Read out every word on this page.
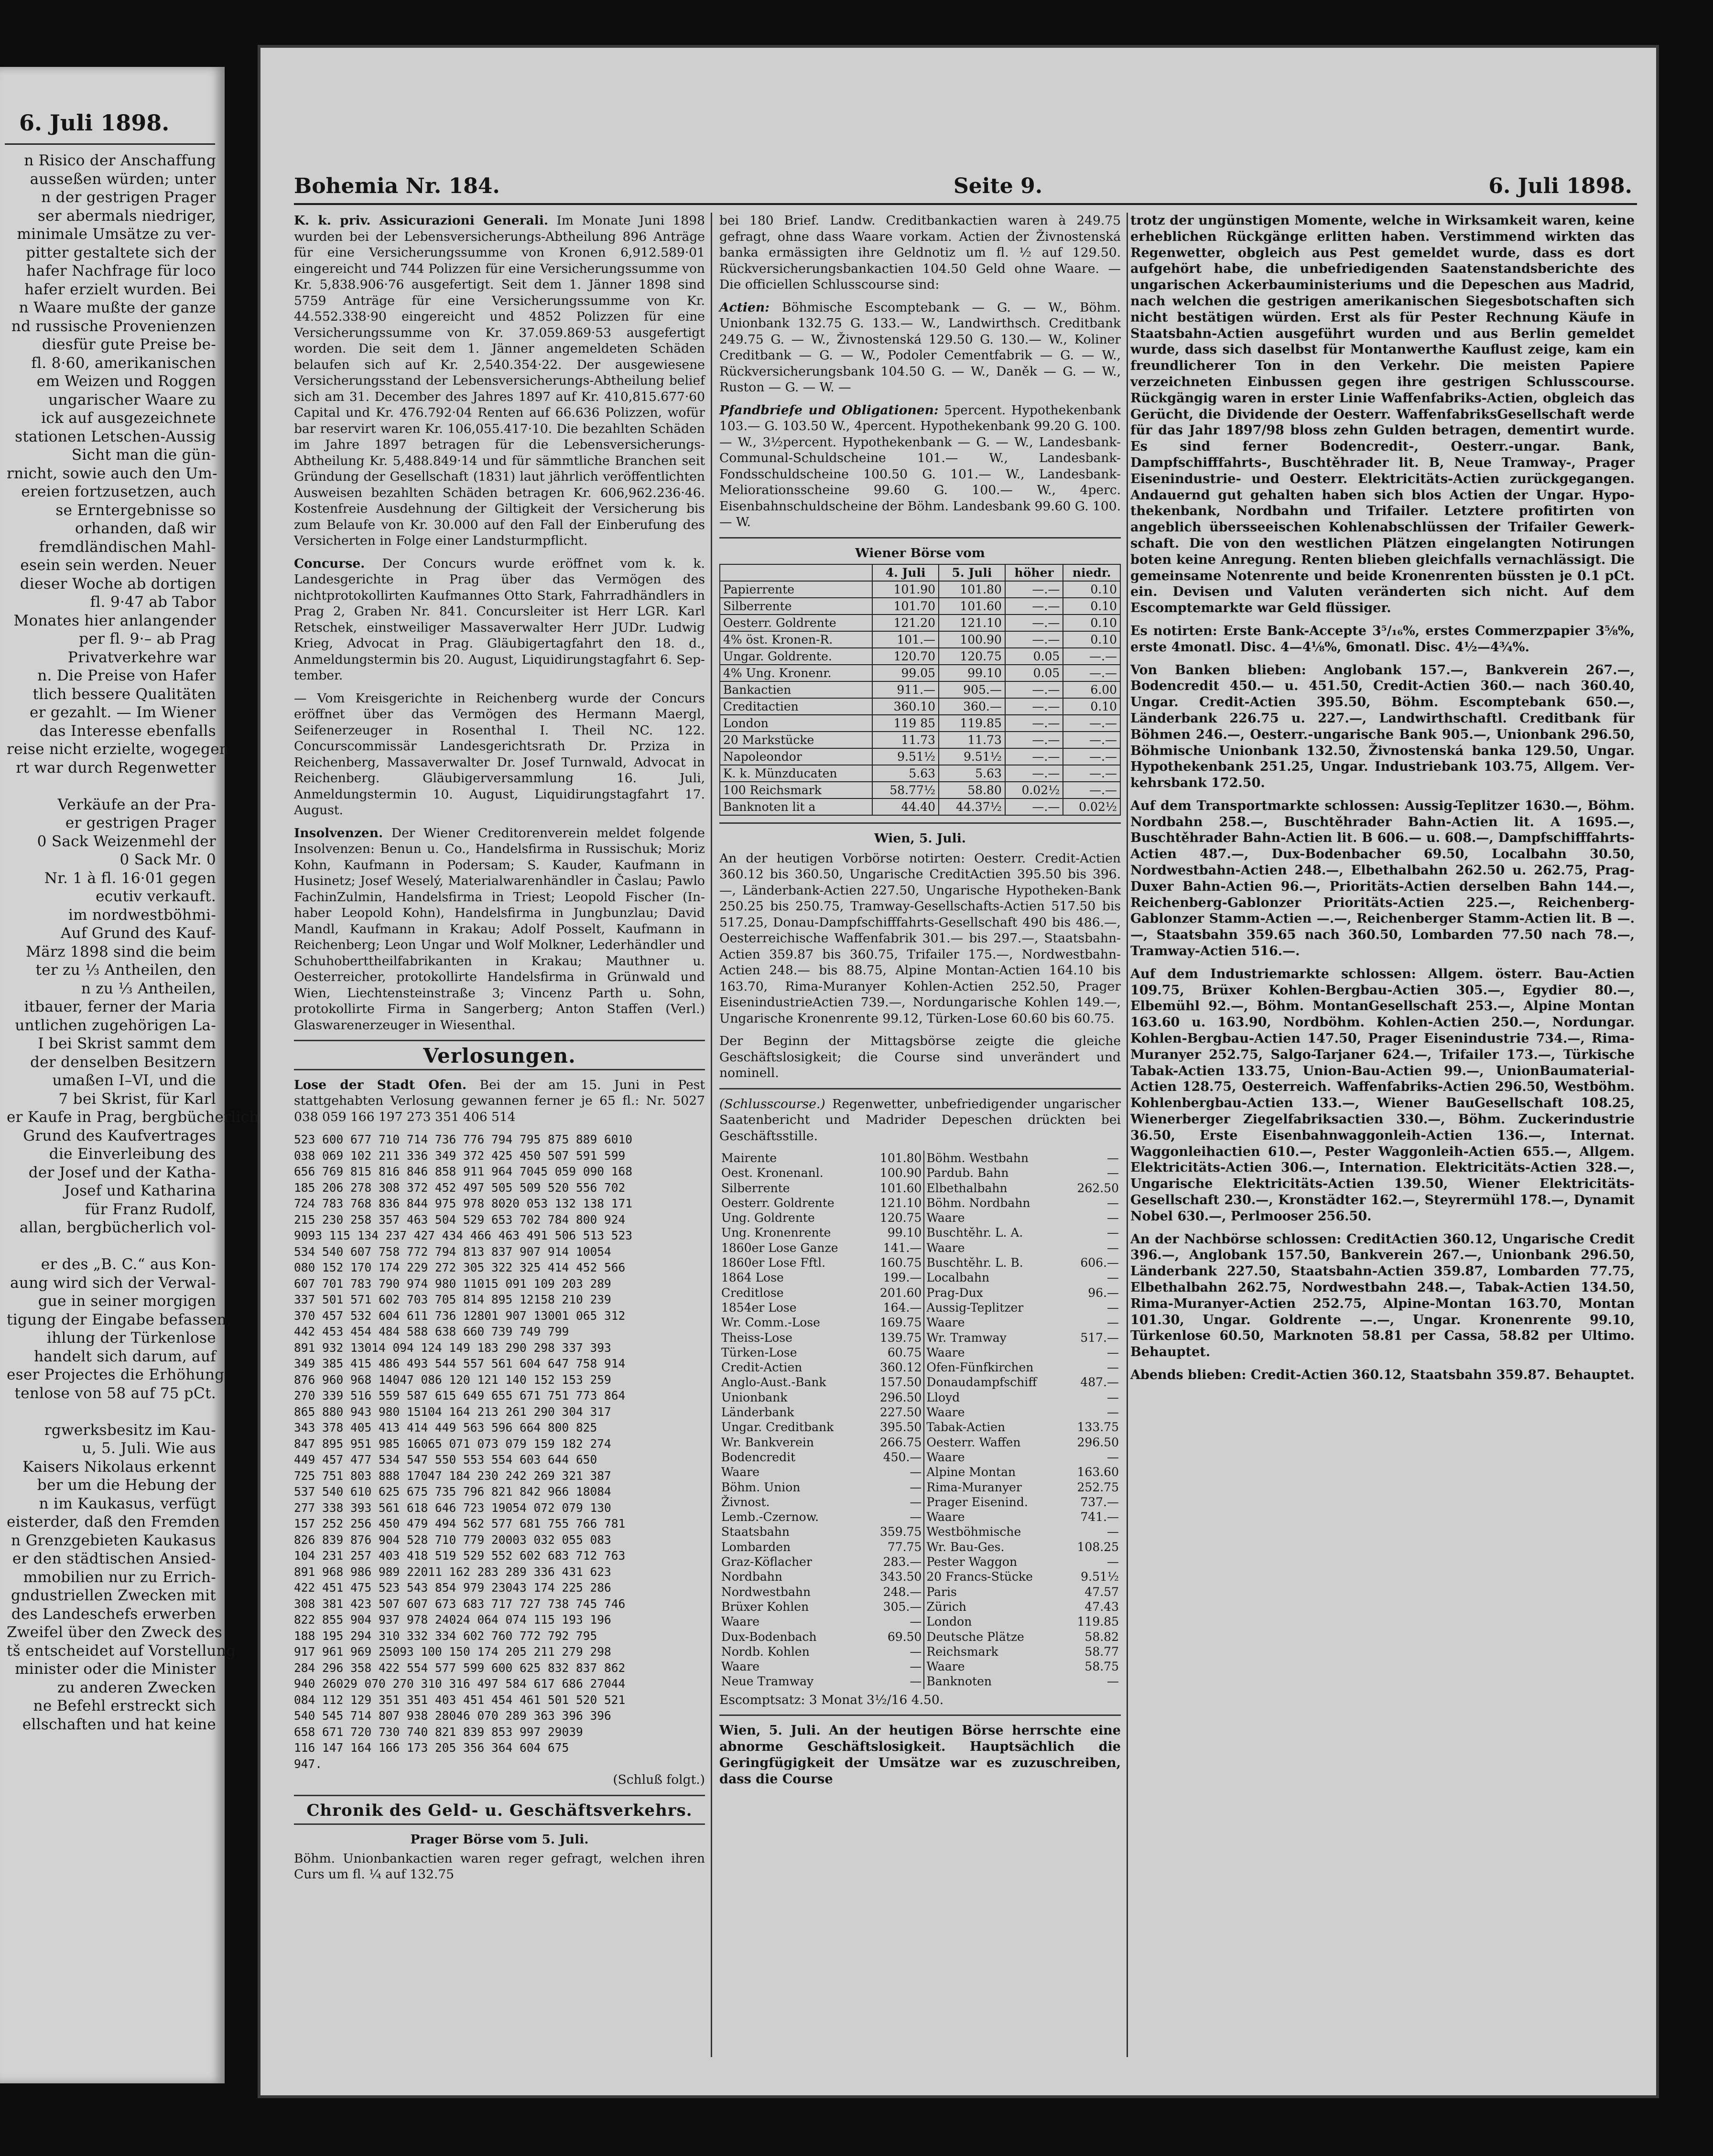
6. Juli 1898.
n Risico der Anschaffung
ausseßen würden; unter
n der gestrigen Prager
ser abermals niedriger,
minimale Umsätze zu ver-
pitter gestaltete sich der
hafer Nachfrage für loco
hafer erzielt wurden. Bei
n Waare mußte der ganze
nd russische Provenienzen
diesfür gute Preise be-
fl. 8·60, amerikanischen
em Weizen und Roggen
ungarischer Waare zu
ick auf ausgezeichnete
stationen Letschen-Aussig
Sicht man die gün-
rnicht, sowie auch den Um-
ereien fortzusetzen, auch
se Erntergebnisse so
orhanden, daß wir
fremdländischen Mahl-
esein sein werden. Neuer
dieser Woche ab dortigen
fl. 9·47 ab Tabor
Monates hier anlangender
per fl. 9·– ab Prag
Privatverkehre war
n. Die Preise von Hafer
tlich bessere Qualitäten
er gezahlt. — Im Wiener
das Interesse ebenfalls
reise nicht erzielte, wogegen
rt war durch Regenwetter

Verkäufe an der Pra-
er gestrigen Prager
0 Sack Weizenmehl der
0 Sack Mr. 0
Nr. 1 à fl. 16·01 gegen
ecutiv verkauft.
im nordwestböhmi-
Auf Grund des Kauf-
März 1898 sind die beim
ter zu ⅓ Antheilen, den
n zu ⅓ Antheilen,
itbauer, ferner der Maria
untlichen zugehörigen La-
I bei Skrist sammt dem
der denselben Besitzern
umaßen I–VI, und die
7 bei Skrist, für Karl
er Kaufe in Prag, bergbücherlich
Grund des Kaufvertrages
die Einverleibung des
der Josef und der Katha-
Josef und Katharina
für Franz Rudolf,
allan, bergbücherlich vol-

er des „B. C.“ aus Kon-
aung wird sich der Verwal-
gue in seiner morgigen
tigung der Eingabe befassen,
ihlung der Türkenlose
handelt sich darum, auf
eser Projectes die Erhöhung
tenlose von 58 auf 75 pCt.

rgwerksbesitz im Kau-
u, 5. Juli. Wie aus
Kaisers Nikolaus erkennt
ber um die Hebung der
n im Kaukasus, verfügt
eisterder, daß den Fremden
n Grenzgebieten Kaukasus
er den städtischen Ansied-
mmobilien nur zu Errich-
gndustriellen Zwecken mit
des Landeschefs erwerben
Zweifel über den Zweck des
tš entscheidet auf Vorstellung
minister oder die Minister
zu anderen Zwecken
ne Befehl erstreckt sich
ellschaften und hat keine
Bohemia Nr. 184.	Seite 9.	6. Juli 1898.
K. k. priv. Assicurazioni Generali. Im Monate Juni 1898 wurden bei der Lebensversicherungs-Abtheilung 896 Anträge für eine Versicherungssumme von Kronen 6,912.589·01 eingereicht und 744 Polizzen für eine Versicherungssumme von Kr. 5,838.906·76 ausgefertigt. Seit dem 1. Jänner 1898 sind 5759 Anträge für eine Versicherungssumme von Kr. 44.552.338·90 eingereicht und 4852 Polizzen für eine Versicherungssumme von Kr. 37.059.869·53 ausgefertigt worden. Die seit dem 1. Jänner angemeldeten Schäden belaufen sich auf Kr. 2,540.354·22. Der ausgewiesene Versicherungsstand der Lebensversicherungs-Abtheilung belief sich am 31. December des Jahres 1897 auf Kr. 410,815.677·60 Capital und Kr. 476.792·04 Renten auf 66.636 Polizzen, wofür bar reservirt waren Kr. 106,055.417·10. Die bezahlten Schäden im Jahre 1897 betragen für die Lebensversicherungs-Abtheilung Kr. 5,488.849·14 und für sämmtliche Branchen seit Gründung der Gesellschaft (1831) laut jährlich veröffentlichten Ausweisen bezahlten Schäden betragen Kr. 606,962.236·46. Kostenfreie Ausdehnung der Giltigkeit der Versicherung bis zum Belaufe von Kr. 30.000 auf den Fall der Einberufung des Versicherten in Folge einer Landsturmpflicht.
Concurse. Der Concurs wurde eröffnet vom k. k. Landesgerichte in Prag über das Vermögen des nichtprotokollirten Kaufmannes Otto Stark, Fahrradhändlers in Prag 2, Graben Nr. 841. Concursleiter ist Herr LGR. Karl Retschek, einstweiliger Massaverwalter Herr JUDr. Ludwig Krieg, Advocat in Prag. Gläubigertagfahrt den 18. d., Anmeldungstermin bis 20. August, Liquidirungstagfahrt 6. September.
— Vom Kreisgerichte in Reichenberg wurde der Concurs eröffnet über das Vermögen des Hermann Maergl, Seifenerzeuger in Rosenthal I. Theil NC. 122. Concurscommissär Landesgerichtsrath Dr. Prziza in Reichenberg, Massaverwalter Dr. Josef Turnwald, Advocat in Reichenberg. Gläubigerversammlung 16. Juli, Anmeldungstermin 10. August, Liquidirungstagfahrt 17. August.
Insolvenzen. Der Wiener Creditorenverein meldet folgende Insolvenzen: Benun u. Co., Handelsfirma in Russischuk; Moriz Kohn, Kaufmann in Podersam; S. Kauder, Kaufmann in Husinetz; Josef Weselý, Materialwarenhändler in Časlau; Pawlo FachinZulmin, Handelsfirma in Triest; Leopold Fischer (Inhaber Leopold Kohn), Handelsfirma in Jungbunzlau; David Mandl, Kaufmann in Krakau; Adolf Posselt, Kaufmann in Reichenberg; Leon Ungar und Wolf Molkner, Lederhändler und Schuhoberttheilfabrikanten in Krakau; Mauthner u. Oesterreicher, protokollirte Handelsfirma in Grünwald und Wien, Liechtensteinstraße 3; Vincenz Parth u. Sohn, protokollirte Firma in Sangerberg; Anton Staffen (Verl.) Glaswarenerzeuger in Wiesenthal.
Verlosungen.
Lose der Stadt Ofen. Bei der am 15. Juni in Pest stattgehabten Verlosung gewannen ferner je 65 fl.: Nr. 5027 038 059 166 197 273 351 406 514
523 600 677 710 714 736 776 794 795 875 889 6010
038 069 102 211 336 349 372 425 450 507 591 599
656 769 815 816 846 858 911 964 7045 059 090 168
185 206 278 308 372 452 497 505 509 520 556 702
724 783 768 836 844 975 978 8020 053 132 138 171
215 230 258 357 463 504 529 653 702 784 800 924
9093 115 134 237 427 434 466 463 491 506 513 523
534 540 607 758 772 794 813 837 907 914 10054
080 152 170 174 229 272 305 322 325 414 452 566
607 701 783 790 974 980 11015 091 109 203 289
337 501 571 602 703 705 814 895 12158 210 239
370 457 532 604 611 736 12801 907 13001 065 312
442 453 454 484 588 638 660 739 749 799
891 932 13014 094 124 149 183 290 298 337 393
349 385 415 486 493 544 557 561 604 647 758 914
876 960 968 14047 086 120 121 140 152 153 259
270 339 516 559 587 615 649 655 671 751 773 864
865 880 943 980 15104 164 213 261 290 304 317
343 378 405 413 414 449 563 596 664 800 825
847 895 951 985 16065 071 073 079 159 182 274
449 457 477 534 547 550 553 554 603 644 650
725 751 803 888 17047 184 230 242 269 321 387
537 540 610 625 675 735 796 821 842 966 18084
277 338 393 561 618 646 723 19054 072 079 130
157 252 256 450 479 494 562 577 681 755 766 781
826 839 876 904 528 710 779 20003 032 055 083
104 231 257 403 418 519 529 552 602 683 712 763
891 968 986 989 22011 162 283 289 336 431 623
422 451 475 523 543 854 979 23043 174 225 286
308 381 423 507 607 673 683 717 727 738 745 746
822 855 904 937 978 24024 064 074 115 193 196
188 195 294 310 332 334 602 760 772 792 795
917 961 969 25093 100 150 174 205 211 279 298
284 296 358 422 554 577 599 600 625 832 837 862
940 26029 070 270 310 316 497 584 617 686 27044
084 112 129 351 351 403 451 454 461 501 520 521
540 545 714 807 938 28046 070 289 363 396 396
658 671 720 730 740 821 839 853 997 29039
116 147 164 166 173 205 356 364 604 675
947.
(Schluß folgt.)
Chronik des Geld- u. Geschäftsverkehrs.
Prager Börse vom 5. Juli.
Böhm. Unionbankactien waren reger gefragt, welchen ihren Curs um fl. ¼ auf 132.75
bei 180 Brief. Landw. Creditbankactien waren à 249.75 gefragt, ohne dass Waare vorkam. Actien der Živnostenská banka ermässigten ihre Geldnotiz um fl. ½ auf 129.50. Rückversicherungsbankactien 104.50 Geld ohne Waare. — Die officiellen Schlusscourse sind:
Actien: Böhmische Escomptebank — G. — W., Böhm. Unionbank 132.75 G. 133.— W., Landwirthsch. Creditbank 249.75 G. — W., Živnostenská 129.50 G. 130.— W., Koliner Creditbank — G. — W., Podoler Cementfabrik — G. — W., Rückversicherungsbank 104.50 G. — W., Daněk — G. — W., Ruston — G. — W. —
Pfandbriefe und Obligationen: 5percent. Hypothekenbank 103.— G. 103.50 W., 4percent. Hypothekenbank 99.20 G. 100.— W., 3½percent. Hypothekenbank — G. — W., Landesbank-Communal-Schuldscheine 101.— W., Landesbank-Fondsschuldscheine 100.50 G. 101.— W., Landesbank-Meliorationsscheine 99.60 G. 100.— W., 4perc. Eisenbahnschuldscheine der Böhm. Landesbank 99.60 G. 100.— W.
Wiener Börse vom
	4. Juli	5. Juli	höher	niedr.
Papierrente	101.90	101.80	—.—	0.10
Silberrente	101.70	101.60	—.—	0.10
Oesterr. Goldrente	121.20	121.10	—.—	0.10
4% öst. Kronen-R.	101.—	100.90	—.—	0.10
Ungar. Goldrente.	120.70	120.75	0.05	—.—
4% Ung. Kronenr.	99.05	99.10	0.05	—.—
Bankactien	911.—	905.—	—.—	6.00
Creditactien	360.10	360.—	—.—	0.10
London	119 85	119.85	—.—	—.—
20 Markstücke	11.73	11.73	—.—	—.—
Napoleondor	9.51½	9.51½	—.—	—.—
K. k. Münzducaten	5.63	5.63	—.—	—.—
100 Reichsmark	58.77½	58.80	0.02½	—.—
Banknoten lit a	44.40	44.37½	—.—	0.02½
Wien, 5. Juli.
An der heutigen Vorbörse notirten: Oesterr. Credit-Actien 360.12 bis 360.50, Ungarische CreditActien 395.50 bis 396.—, Länderbank-Actien 227.50, Ungarische Hypotheken-Bank 250.25 bis 250.75, Tramway-Gesellschafts-Actien 517.50 bis 517.25, Donau-Dampfschifffahrts-Gesellschaft 490 bis 486.—, Oesterreichische Waffenfabrik 301.— bis 297.—, Staatsbahn-Actien 359.87 bis 360.75, Trifailer 175.—, Nordwestbahn-Actien 248.— bis 88.75, Alpine Montan-Actien 164.10 bis 163.70, Rima-Muranyer Kohlen-Actien 252.50, Prager EisenindustrieActien 739.—, Nordungarische Kohlen 149.—, Ungarische Kronenrente 99.12, Türken-Lose 60.60 bis 60.75.
Der Beginn der Mittagsbörse zeigte die gleiche Geschäftslosigkeit; die Course sind unverändert und nominell.
(Schlusscourse.) Regenwetter, unbefriedigender ungarischer Saatenbericht und Madrider Depeschen drückten bei Geschäftsstille.
Mairente	101.80	Böhm. Westbahn	—
Oest. Kronenanl.	100.90	Pardub. Bahn	—
Silberrente	101.60	Elbethalbahn	262.50
Oesterr. Goldrente	121.10	Böhm. Nordbahn	—
Ung. Goldrente	120.75	Waare	—
Ung. Kronenrente	99.10	Buschtěhr. L. A.	—
1860er Lose Ganze	141.—	Waare	—
1860er Lose Fftl.	160.75	Buschtěhr. L. B.	606.—
1864 Lose	199.—	Localbahn	—
Creditlose	201.60	Prag-Dux	96.—
1854er Lose	164.—	Aussig-Teplitzer	—
Wr. Comm.-Lose	169.75	Waare	—
Theiss-Lose	139.75	Wr. Tramway	517.—
Türken-Lose	60.75	Waare	—
Credit-Actien	360.12	Ofen-Fünfkirchen	—
Anglo-Aust.-Bank	157.50	Donaudampfschiff	487.—
Unionbank	296.50	Lloyd	—
Länderbank	227.50	Waare	—
Ungar. Creditbank	395.50	Tabak-Actien	133.75
Wr. Bankverein	266.75	Oesterr. Waffen	296.50
Bodencredit	450.—	Waare	—
Waare	—	Alpine Montan	163.60
Böhm. Union	—	Rima-Muranyer	252.75
Živnost.	—	Prager Eisenind.	737.—
Lemb.-Czernow.	—	Waare	741.—
Staatsbahn	359.75	Westböhmische	—
Lombarden	77.75	Wr. Bau-Ges.	108.25
Graz-Köflacher	283.—	Pester Waggon	—
Nordbahn	343.50	20 Francs-Stücke	9.51½
Nordwestbahn	248.—	Paris	47.57
Brüxer Kohlen	305.—	Zürich	47.43
Waare	—	London	119.85
Dux-Bodenbach	69.50	Deutsche Plätze	58.82
Nordb. Kohlen	—	Reichsmark	58.77
Waare	—	Waare	58.75
Neue Tramway	—	Banknoten	—
Escomptsatz: 3 Monat 3½/16 4.50.
Wien, 5. Juli. An der heutigen Börse herrschte eine abnorme Geschäftslosigkeit. Hauptsächlich die Geringfügigkeit der Umsätze war es zuzuschreiben, dass die Course
trotz der ungünstigen Momente, welche in Wirksamkeit waren, keine erheblichen Rückgänge erlitten haben. Verstimmend wirkten das Regenwetter, obgleich aus Pest gemeldet wurde, dass es dort aufgehört habe, die unbefriedigenden Saatenstandsberichte des ungarischen Ackerbauministeriums und die Depeschen aus Madrid, nach welchen die gestrigen amerikanischen Siegesbotschaften sich nicht bestätigen würden. Erst als für Pester Rechnung Käufe in Staatsbahn-Actien ausgeführt wurden und aus Berlin gemeldet wurde, dass sich daselbst für Montanwerthe Kauflust zeige, kam ein freundlicherer Ton in den Verkehr. Die meisten Papiere verzeichneten Einbussen gegen ihre gestrigen Schlusscourse. Rückgängig waren in erster Linie Waffenfabriks-Actien, obgleich das Gerücht, die Dividende der Oesterr. WaffenfabriksGesellschaft werde für das Jahr 1897/98 bloss zehn Gulden betragen, dementirt wurde. Es sind ferner Bodencredit-, Oesterr.-ungar. Bank, Dampfschifffahrts-, Buschtěhrader lit. B, Neue Tramway-, Prager Eisenindustrie- und Oesterr. Elektricitäts-Actien zurückgegangen. Andauernd gut gehalten haben sich blos Actien der Ungar. Hypothekenbank, Nordbahn und Trifailer. Letztere profitirten von angeblich übersseeischen Kohlenabschlüssen der Trifailer Gewerkschaft. Die von den westlichen Plätzen eingelangten Notirungen boten keine Anregung. Renten blieben gleichfalls vernachlässigt. Die gemeinsame Notenrente und beide Kronenrenten büssten je 0.1 pCt. ein. Devisen und Valuten veränderten sich nicht. Auf dem Escomptemarkte war Geld flüssiger.
Es notirten: Erste Bank-Accepte 3⁵/₁₆%, erstes Commerzpapier 3⅝%, erste 4monatl. Disc. 4—4⅛%, 6monatl. Disc. 4½—4¾%.
Von Banken blieben: Anglobank 157.—, Bankverein 267.—, Bodencredit 450.— u. 451.50, Credit-Actien 360.— nach 360.40, Ungar. Credit-Actien 395.50, Böhm. Escomptebank 650.—, Länderbank 226.75 u. 227.—, Landwirthschaftl. Creditbank für Böhmen 246.—, Oesterr.-ungarische Bank 905.—, Unionbank 296.50, Böhmische Unionbank 132.50, Živnostenská banka 129.50, Ungar. Hypothekenbank 251.25, Ungar. Industriebank 103.75, Allgem. Verkehrsbank 172.50.
Auf dem Transportmarkte schlossen: Aussig-Teplitzer 1630.—, Böhm. Nordbahn 258.—, Buschtěhrader Bahn-Actien lit. A 1695.—, Buschtěhrader Bahn-Actien lit. B 606.— u. 608.—, Dampfschifffahrts-Actien 487.—, Dux-Bodenbacher 69.50, Localbahn 30.50, Nordwestbahn-Actien 248.—, Elbethalbahn 262.50 u. 262.75, Prag-Duxer Bahn-Actien 96.—, Prioritäts-Actien derselben Bahn 144.—, Reichenberg-Gablonzer Prioritäts-Actien 225.—, Reichenberg-Gablonzer Stamm-Actien —.—, Reichenberger Stamm-Actien lit. B —.—, Staatsbahn 359.65 nach 360.50, Lombarden 77.50 nach 78.—, Tramway-Actien 516.—.
Auf dem Industriemarkte schlossen: Allgem. österr. Bau-Actien 109.75, Brüxer Kohlen-Bergbau-Actien 305.—, Egydier 80.—, Elbemühl 92.—, Böhm. MontanGesellschaft 253.—, Alpine Montan 163.60 u. 163.90, Nordböhm. Kohlen-Actien 250.—, Nordungar. Kohlen-Bergbau-Actien 147.50, Prager Eisenindustrie 734.—, Rima-Muranyer 252.75, Salgo-Tarjaner 624.—, Trifailer 173.—, Türkische Tabak-Actien 133.75, Union-Bau-Actien 99.—, UnionBaumaterial-Actien 128.75, Oesterreich. Waffenfabriks-Actien 296.50, Westböhm. Kohlenbergbau-Actien 133.—, Wiener BauGesellschaft 108.25, Wienerberger Ziegelfabriksactien 330.—, Böhm. Zuckerindustrie 36.50, Erste Eisenbahnwaggonleih-Actien 136.—, Internat. Waggonleihactien 610.—, Pester Waggonleih-Actien 655.—, Allgem. Elektricitäts-Actien 306.—, Internation. Elektricitäts-Actien 328.—, Ungarische Elektricitäts-Actien 139.50, Wiener Elektricitäts-Gesellschaft 230.—, Kronstädter 162.—, Steyrermühl 178.—, Dynamit Nobel 630.—, Perlmooser 256.50.
An der Nachbörse schlossen: CreditActien 360.12, Ungarische Credit 396.—, Anglobank 157.50, Bankverein 267.—, Unionbank 296.50, Länderbank 227.50, Staatsbahn-Actien 359.87, Lombarden 77.75, Elbethalbahn 262.75, Nordwestbahn 248.—, Tabak-Actien 134.50, Rima-Muranyer-Actien 252.75, Alpine-Montan 163.70, Montan 101.30, Ungar. Goldrente —.—, Ungar. Kronenrente 99.10, Türkenlose 60.50, Marknoten 58.81 per Cassa, 58.82 per Ultimo. Behauptet.
Abends blieben: Credit-Actien 360.12, Staatsbahn 359.87. Behauptet.
